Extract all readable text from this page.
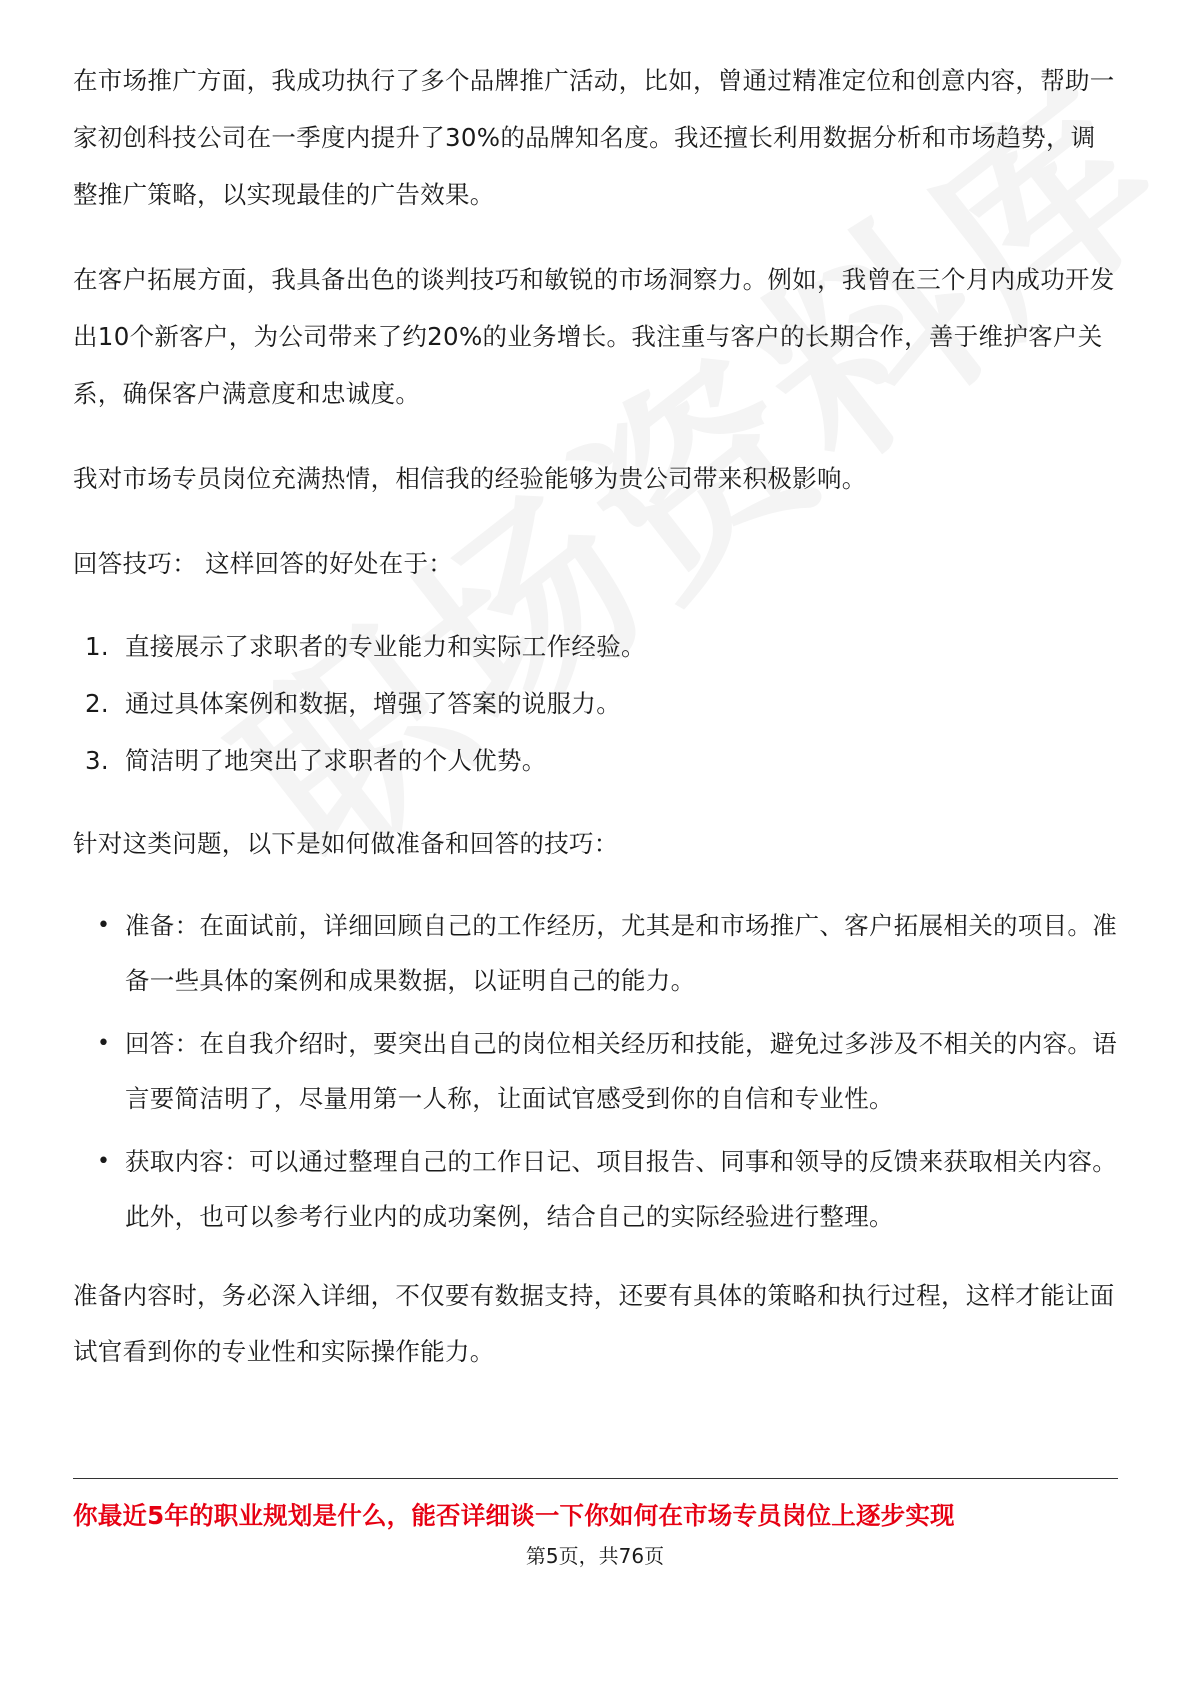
在市场推广方面，我成功执行了多个品牌推广活动，比如，曾通过精准定位和创意内容，帮助一家初创科技公司在一季度内提升了30%的品牌知名度。我还擅长利用数据分析和市场趋势，调整推广策略，以实现最佳的广告效果。

在客户拓展方面，我具备出色的谈判技巧和敏锐的市场洞察力。例如，我曾在三个月内成功开发出10个新客户，为公司带来了约20%的业务增长。我注重与客户的长期合作，善于维护客户关系，确保客户满意度和忠诚度。

我对市场专员岗位充满热情，相信我的经验能够为贵公司带来积极影响。

回答技巧： 这样回答的好处在于：

1. 直接展示了求职者的专业能力和实际工作经验。
2. 通过具体案例和数据，增强了答案的说服力。
3. 简洁明了地突出了求职者的个人优势。

针对这类问题，以下是如何做准备和回答的技巧：

• 准备：在面试前，详细回顾自己的工作经历，尤其是和市场推广、客户拓展相关的项目。准备一些具体的案例和成果数据，以证明自己的能力。
• 回答：在自我介绍时，要突出自己的岗位相关经历和技能，避免过多涉及不相关的内容。语言要简洁明了，尽量用第一人称，让面试官感受到你的自信和专业性。
• 获取内容：可以通过整理自己的工作日记、项目报告、同事和领导的反馈来获取相关内容。此外，也可以参考行业内的成功案例，结合自己的实际经验进行整理。

准备内容时，务必深入详细，不仅要有数据支持，还要有具体的策略和执行过程，这样才能让面试官看到你的专业性和实际操作能力。

你最近5年的职业规划是什么，能否详细谈一下你如何在市场专员岗位上逐步实现
第5页，共76页
